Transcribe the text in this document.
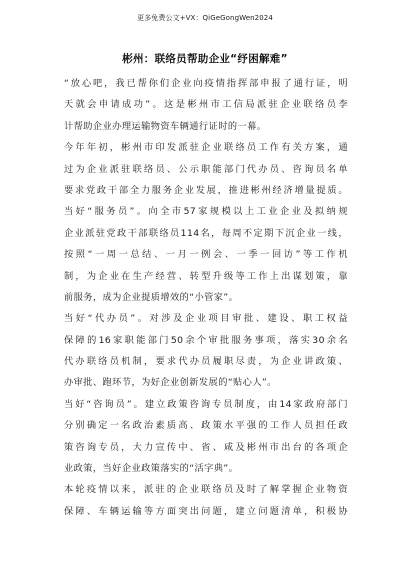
更多免费公文+VX：QiGeGongWen2024
彬州：联络员帮助企业“纾困解难”
“放心吧，我已帮你们企业向疫情指挥部申报了通行证，明
天就会申请成功”。这是彬州市工信局派驻企业联络员李
计帮助企业办理运输物资车辆通行证时的一幕。
今年年初，彬州市印发派驻企业联络员工作有关方案，通
过为企业派驻联络员、公示职能部门代办员、咨询员名单
要求党政干部全力服务企业发展，推进彬州经济增量提质。
当好“服务员”。向全市57家规模以上工业企业及拟纳规
企业派驻党政干部联络员114名，每周不定期下沉企业一线，
按照“一周一总结、一月一例会、一季一回访”等工作机
制，为企业在生产经营、转型升级等工作上出谋划策，靠
前服务，成为企业提质增效的“小管家”。
当好“代办员”。对涉及企业项目审批、建设、职工权益
保障的16家职能部门50余个审批服务事项，落实30余名
代办联络员机制，要求代办员履职尽责，为企业讲政策、
办审批、跑环节，为好企业创新发展的“贴心人”。
当好“咨询员”。建立政策咨询专员制度，由14家政府部门
分别确定一名政治素质高、政策水平强的工作人员担任政
策咨询专员，大力宣传中、省、咸及彬州市出台的各项企
业政策，当好企业政策落实的“活字典”。
本轮疫情以来，派驻的企业联络员及时了解掌握企业物资
保障、车辆运输等方面突出问题，建立问题清单，积极协
